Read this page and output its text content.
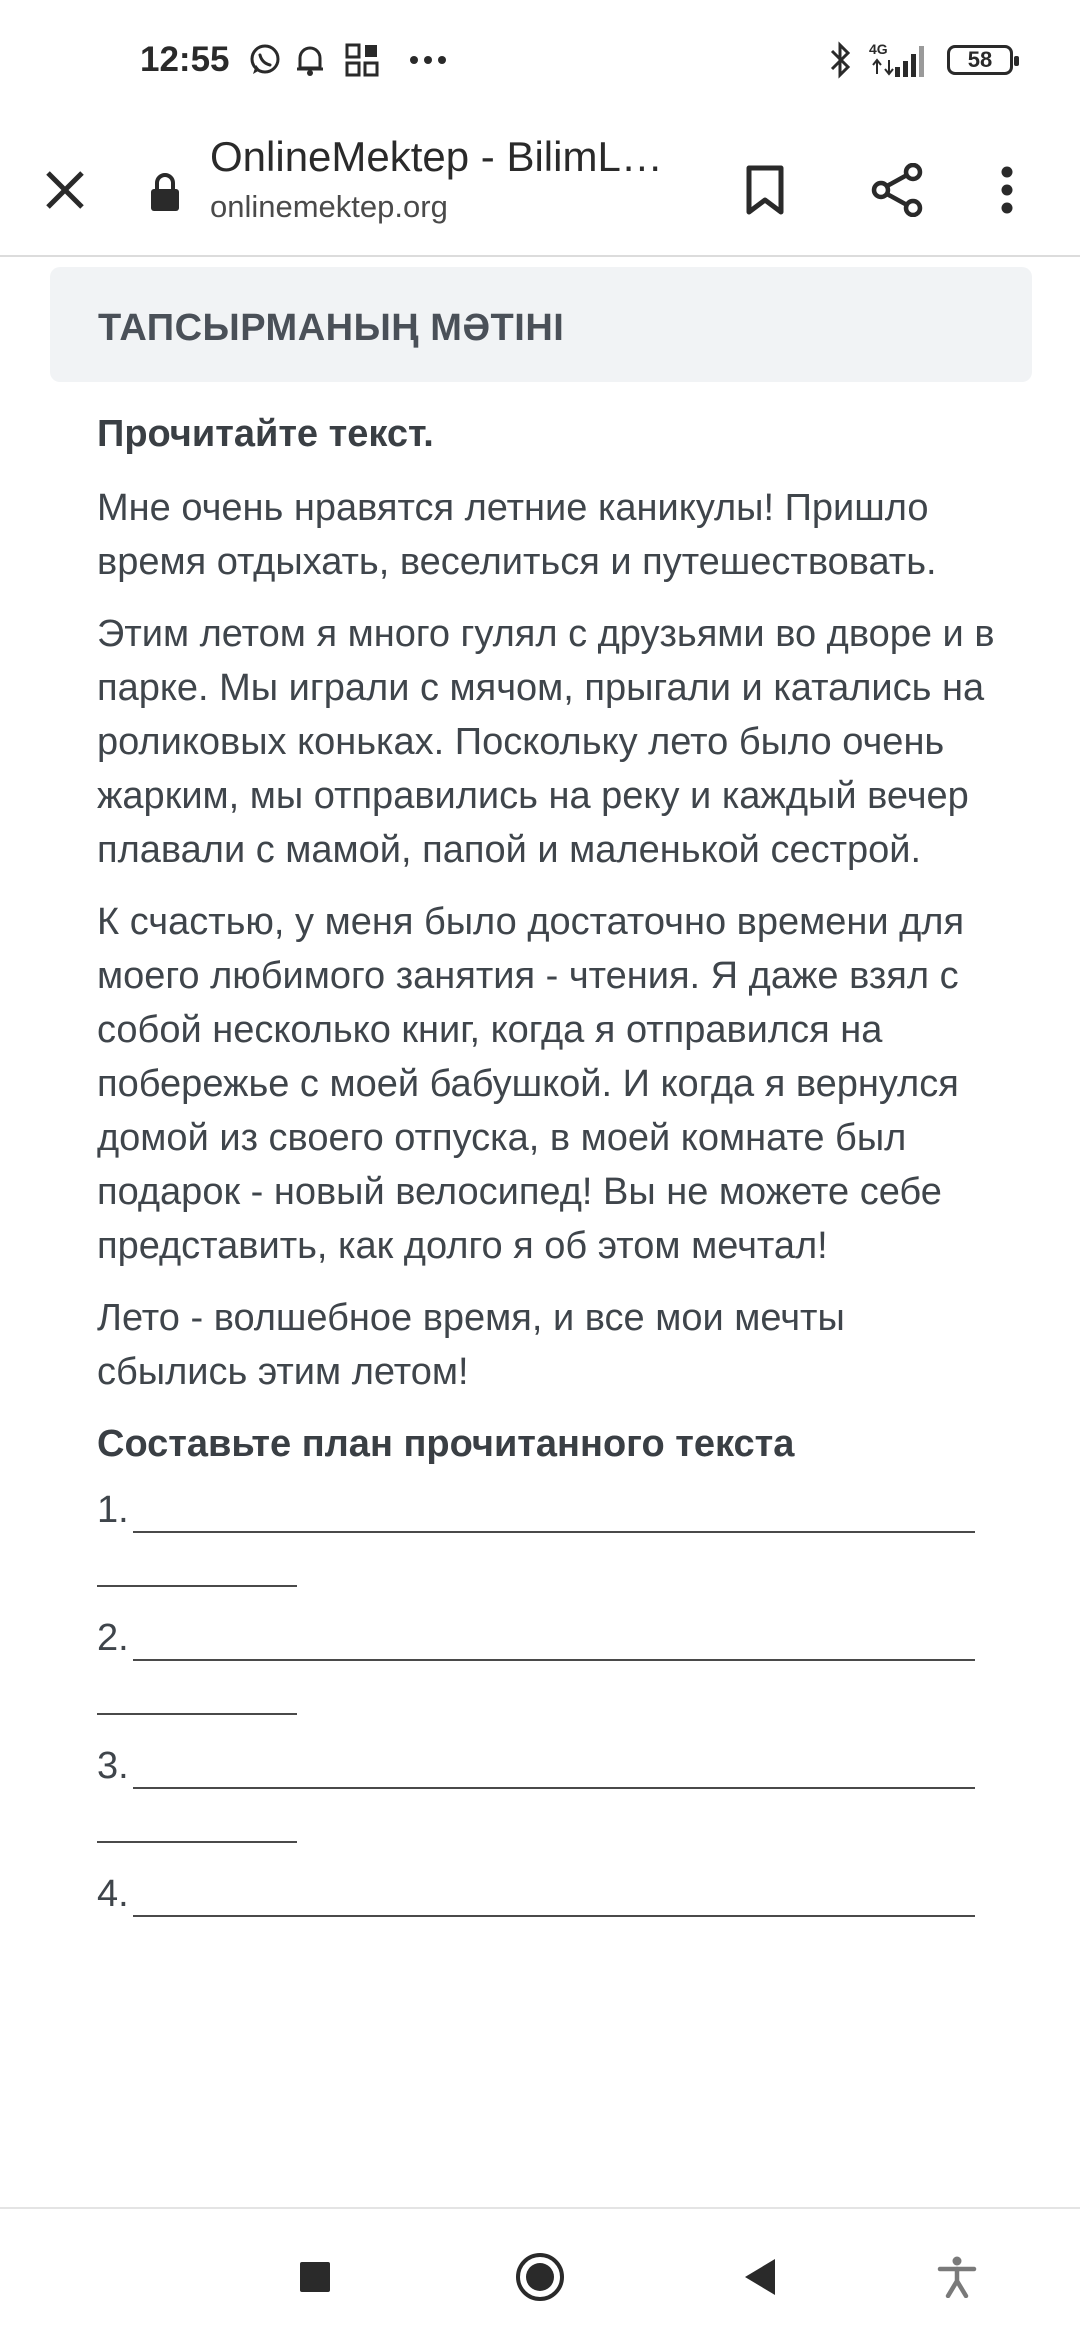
12:55	4G	58
OnlineMektep - BilimL…
onlinemektep.org
ТАПСЫРМАНЫҢ МӘТІНІ
Прочитайте текст.

Мне очень нравятся летние каникулы! Пришло время отдыхать, веселиться и путешествовать.

Этим летом я много гулял с друзьями во дворе и в парке. Мы играли с мячом, прыгали и катались на роликовых коньках. Поскольку лето было очень жарким, мы отправились на реку и каждый вечер плавали с мамой, папой и маленькой сестрой.

К счастью, у меня было достаточно времени для моего любимого занятия - чтения. Я даже взял с собой несколько книг, когда я отправился на побережье с моей бабушкой. И когда я вернулся домой из своего отпуска, в моей комнате был подарок - новый велосипед! Вы не можете себе представить, как долго я об этом мечтал!

Лето - волшебное время, и все мои мечты сбылись этим летом!

Составьте план прочитанного текста
1.
2.
3.
4.
